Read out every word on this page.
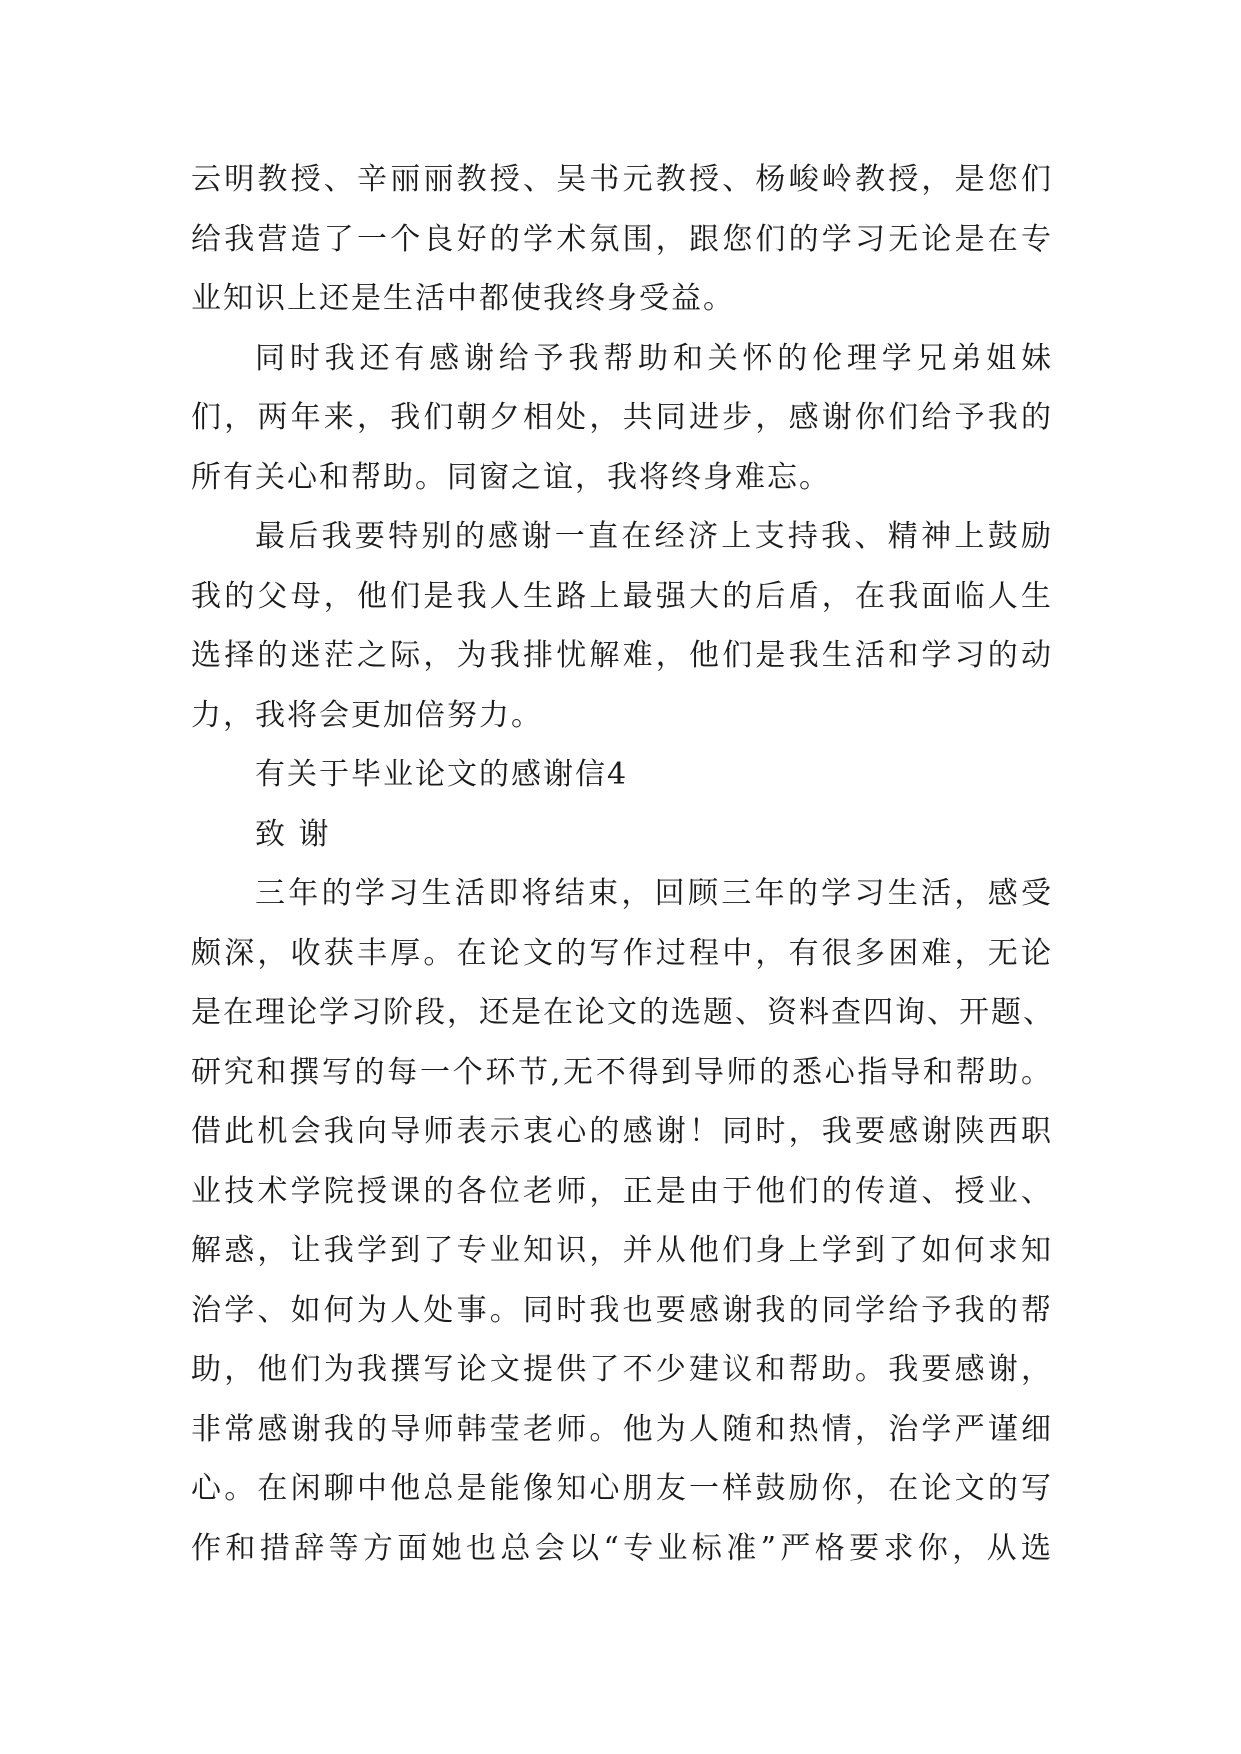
云明教授、辛丽丽教授、吴书元教授、杨峻岭教授，是您们
给我营造了一个良好的学术氛围，跟您们的学习无论是在专
业知识上还是生活中都使我终身受益。
同时我还有感谢给予我帮助和关怀的伦理学兄弟姐妹
们，两年来，我们朝夕相处，共同进步，感谢你们给予我的
所有关心和帮助。同窗之谊，我将终身难忘。
最后我要特别的感谢一直在经济上支持我、精神上鼓励
我的父母，他们是我人生路上最强大的后盾，在我面临人生
选择的迷茫之际，为我排忧解难，他们是我生活和学习的动
力，我将会更加倍努力。
有关于毕业论文的感谢信4
致 谢
三年的学习生活即将结束，回顾三年的学习生活，感受
颇深，收获丰厚。在论文的写作过程中，有很多困难，无论
是在理论学习阶段，还是在论文的选题、资料查四询、开题、
研究和撰写的每一个环节,无不得到导师的悉心指导和帮助。
借此机会我向导师表示衷心的感谢！同时，我要感谢陕西职
业技术学院授课的各位老师，正是由于他们的传道、授业、
解惑，让我学到了专业知识，并从他们身上学到了如何求知
治学、如何为人处事。同时我也要感谢我的同学给予我的帮
助，他们为我撰写论文提供了不少建议和帮助。我要感谢，
非常感谢我的导师韩莹老师。他为人随和热情，治学严谨细
心。在闲聊中他总是能像知心朋友一样鼓励你，在论文的写
作和措辞等方面她也总会以“专业标准”严格要求你，从选
